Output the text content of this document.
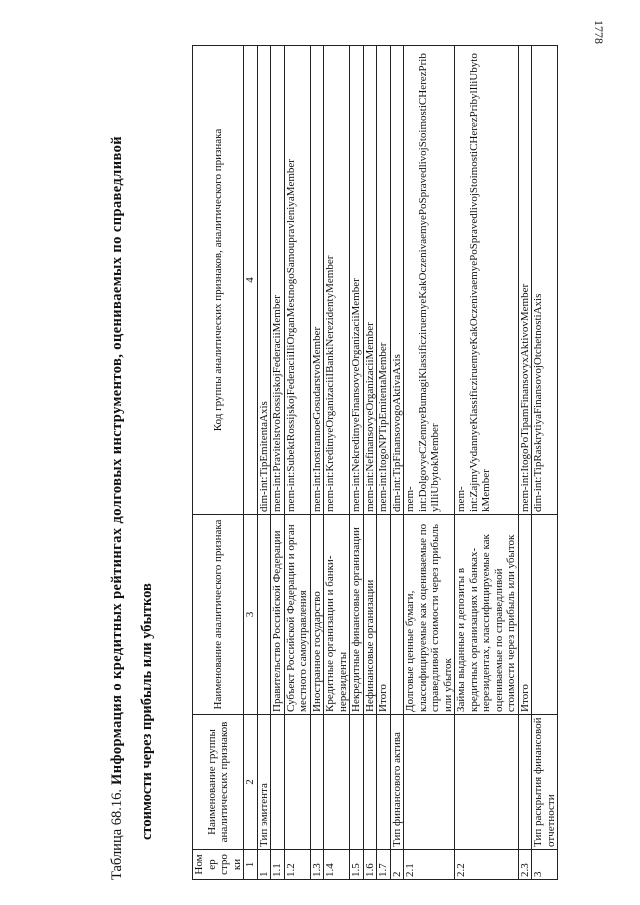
1778
Таблица 68.16.Информация о кредитных рейтингах долговых инструментов, оцениваемых по справедливой стоимости через прибыль или убытков
Номер строки	Наименование группы аналитических признаков	Наименование аналитического признака	Код группы аналитических признаков, аналитического признака
1	2	3	4
1	Тип эмитента		dim-int:TipEmitentaAxis
1.1		Правительство Российской Федерации	mem-int:PravitelstvoRossijskojFederaciiMember
1.2		Субъект Российской Федерации и орган местного самоуправления	mem-int:SubektRossijskojFederaciiIliOrganMestnogoSamoupravleniyaMember
1.3		Иностранное государство	mem-int:InostrannoeGosudarstvoMember
1.4		Кредитные организации и банки-нерезиденты	mem-int:KreditnyeOrganizaciiIBankiNerezidentyMember
1.5		Некредитные финансовые организации	mem-int:NekreditnyeFinansovyeOrganizaciiMember
1.6		Нефинансовые организации	mem-int:NefinansovyeOrganizaciiMember
1.7		Итого	mem-int:ItogoNPTipEmitentaMember
2	Тип финансового актива		dim-int:TipFinansovogoAktivaAxis
2.1		Долговые ценные бумаги, классифицируемые как оцениваемые по справедливой стоимости через прибыль или убыток	mem-int:DolgovyeCZennyeBumagiKlassificziruemyeKakOczenivaemyePoSpravedlivojStoimostiCHerezPribylIliUbytokMember
2.2		Займы выданные и депозиты в кредитных организациях и банках-нерезидентах, классифицируемые как оцениваемые по справедливой стоимости через прибыль или убыток	mem-int:ZajmyVydannyeKlassificziruemyeKakOczenivaemyePoSpravedlivojStoimostiCHerezPribylIliUbytokMember
2.3		Итого	mem-int:ItogoPoTipamFinansovyxAktivovMember
3	Тип раскрытия финансовой отчетности		dim-int:TipRaskrytiyaFinansovojOtchetnostiAxis
